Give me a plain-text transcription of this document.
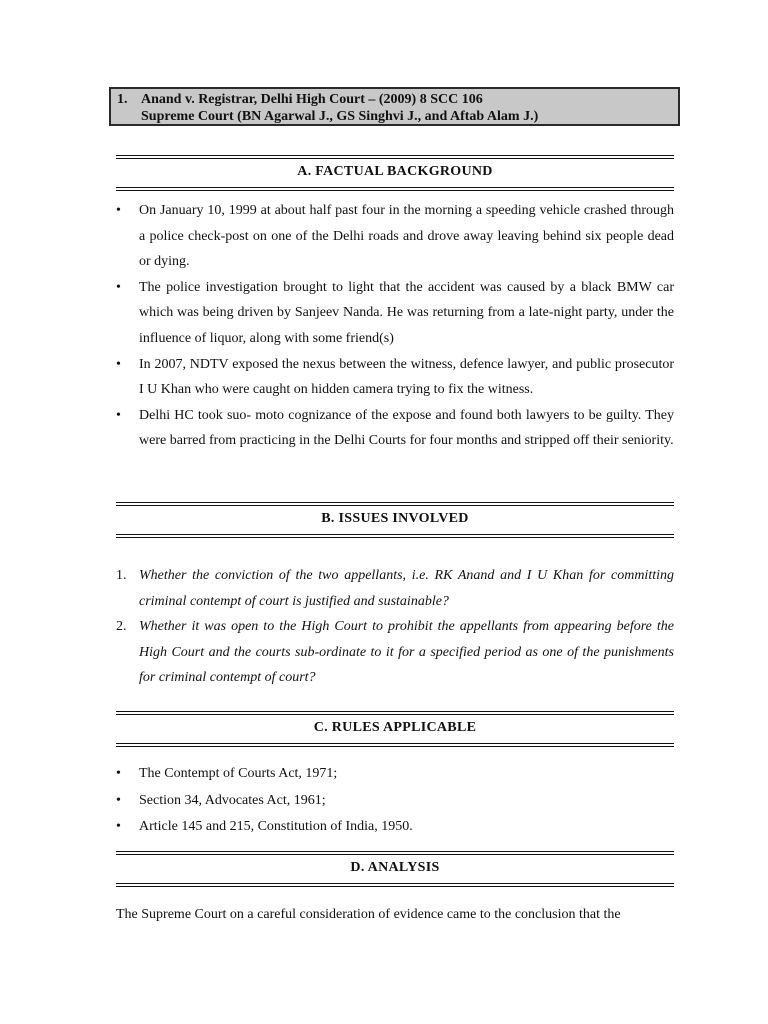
1. Anand v. Registrar, Delhi High Court – (2009) 8 SCC 106
Supreme Court (BN Agarwal J., GS Singhvi J., and Aftab Alam J.)
A. FACTUAL BACKGROUND
• On January 10, 1999 at about half past four in the morning a speeding vehicle crashed through a police check-post on one of the Delhi roads and drove away leaving behind six people dead or dying.
• The police investigation brought to light that the accident was caused by a black BMW car which was being driven by Sanjeev Nanda. He was returning from a late-night party, under the influence of liquor, along with some friend(s)
• In 2007, NDTV exposed the nexus between the witness, defence lawyer, and public prosecutor I U Khan who were caught on hidden camera trying to fix the witness.
• Delhi HC took suo- moto cognizance of the expose and found both lawyers to be guilty. They were barred from practicing in the Delhi Courts for four months and stripped off their seniority.
B. ISSUES INVOLVED
1. Whether the conviction of the two appellants, i.e. RK Anand and I U Khan for committing criminal contempt of court is justified and sustainable?
2. Whether it was open to the High Court to prohibit the appellants from appearing before the High Court and the courts sub-ordinate to it for a specified period as one of the punishments for criminal contempt of court?
C. RULES APPLICABLE
• The Contempt of Courts Act, 1971;
• Section 34, Advocates Act, 1961;
• Article 145 and 215, Constitution of India, 1950.
D. ANALYSIS

The Supreme Court on a careful consideration of evidence came to the conclusion that the
